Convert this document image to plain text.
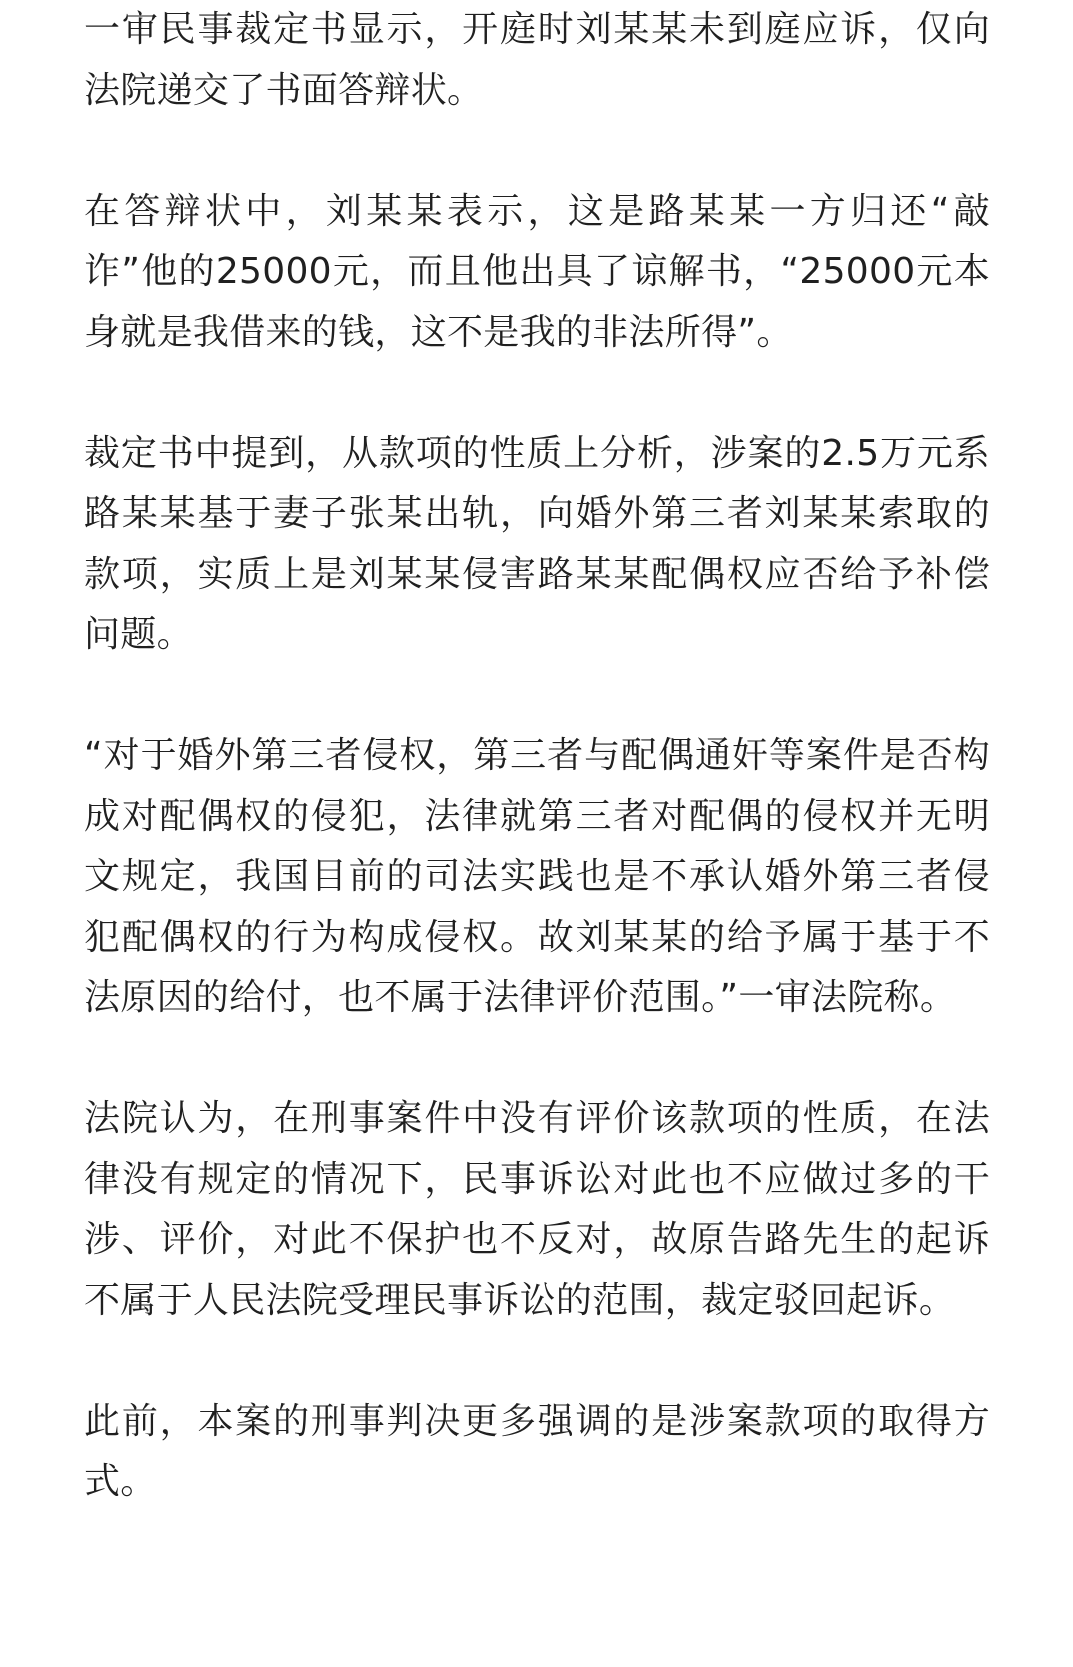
一审民事裁定书显示，开庭时刘某某未到庭应诉，仅向法院递交了书面答辩状。

在答辩状中，刘某某表示，这是路某某一方归还“敲诈”他的25000元，而且他出具了谅解书，“25000元本身就是我借来的钱，这不是我的非法所得”。

裁定书中提到，从款项的性质上分析，涉案的2.5万元系路某某基于妻子张某出轨，向婚外第三者刘某某索取的款项，实质上是刘某某侵害路某某配偶权应否给予补偿问题。

“对于婚外第三者侵权，第三者与配偶通奸等案件是否构成对配偶权的侵犯，法律就第三者对配偶的侵权并无明文规定，我国目前的司法实践也是不承认婚外第三者侵犯配偶权的行为构成侵权。故刘某某的给予属于基于不法原因的给付，也不属于法律评价范围。”一审法院称。

法院认为，在刑事案件中没有评价该款项的性质，在法律没有规定的情况下，民事诉讼对此也不应做过多的干涉、评价，对此不保护也不反对，故原告路先生的起诉不属于人民法院受理民事诉讼的范围，裁定驳回起诉。

此前，本案的刑事判决更多强调的是涉案款项的取得方式。
